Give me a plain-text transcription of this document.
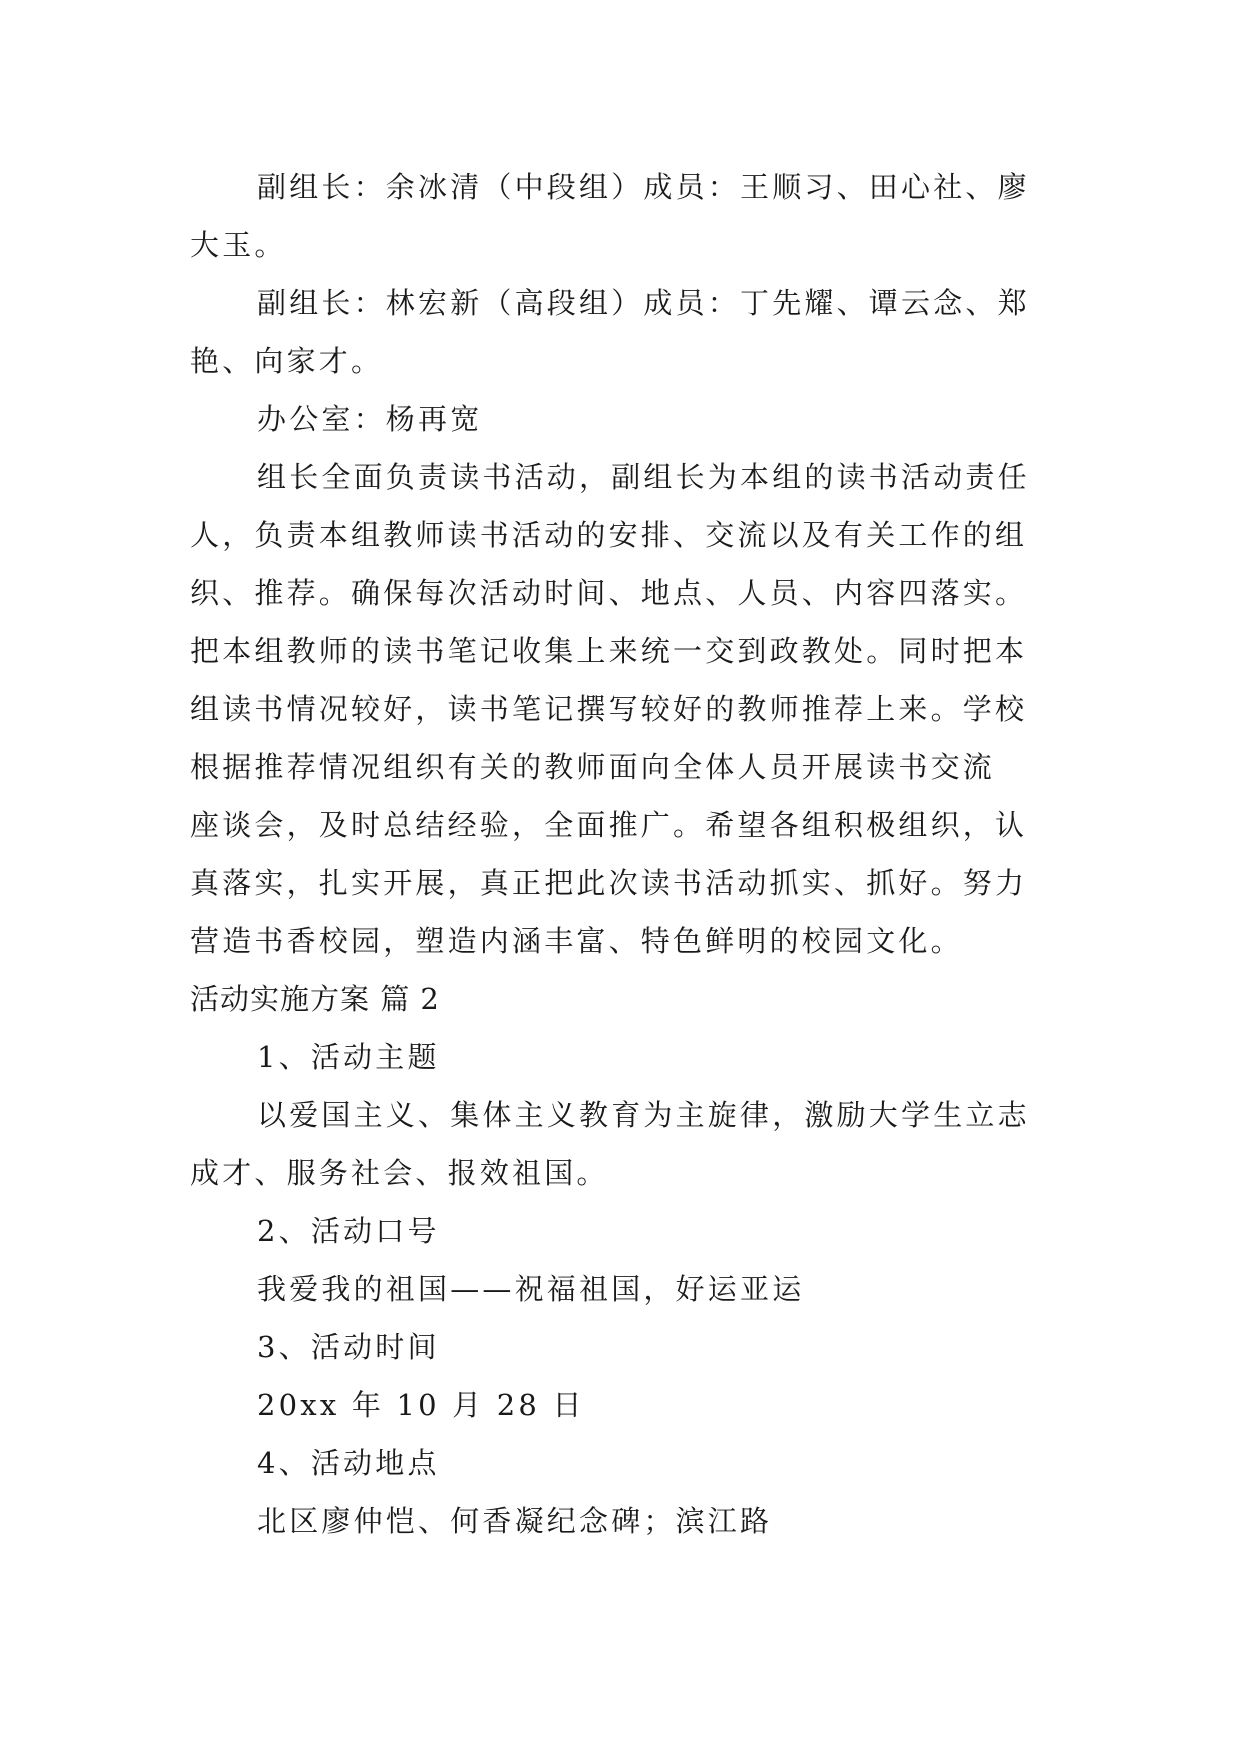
副组长：余冰清（中段组）成员：王顺习、田心社、廖
大玉。
副组长：林宏新（高段组）成员：丁先耀、谭云念、郑
艳、向家才。
办公室：杨再宽
组长全面负责读书活动，副组长为本组的读书活动责任
人，负责本组教师读书活动的安排、交流以及有关工作的组
织、推荐。确保每次活动时间、地点、人员、内容四落实。
把本组教师的读书笔记收集上来统一交到政教处。同时把本
组读书情况较好，读书笔记撰写较好的教师推荐上来。学校
根据推荐情况组织有关的教师面向全体人员开展读书交流
座谈会，及时总结经验，全面推广。希望各组积极组织，认
真落实，扎实开展，真正把此次读书活动抓实、抓好。努力
营造书香校园，塑造内涵丰富、特色鲜明的校园文化。
活动实施方案 篇 2
1、活动主题
以爱国主义、集体主义教育为主旋律，激励大学生立志
成才、服务社会、报效祖国。
2、活动口号
我爱我的祖国——祝福祖国，好运亚运
3、活动时间
20xx 年 10 月 28 日
4、活动地点
北区廖仲恺、何香凝纪念碑；滨江路
